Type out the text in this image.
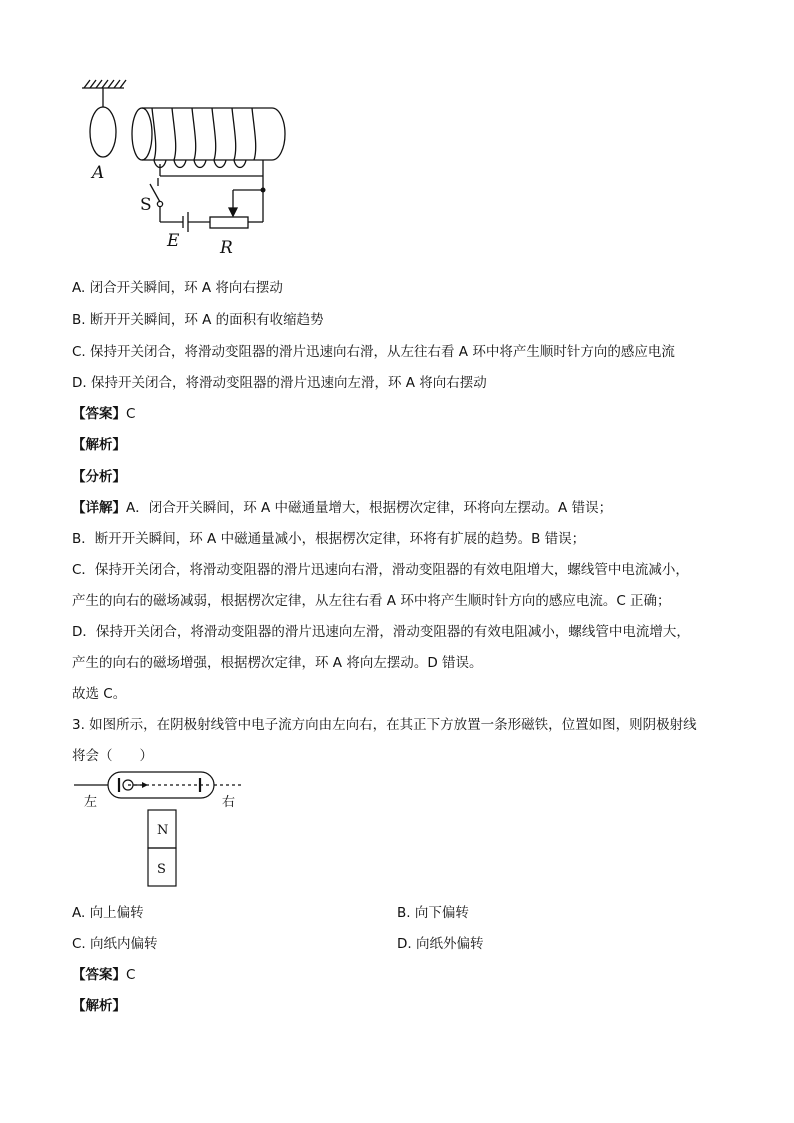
A
S
E R
A. 闭合开关瞬间，环 A 将向右摆动
B. 断开开关瞬间，环 A 的面积有收缩趋势
C. 保持开关闭合，将滑动变阻器的滑片迅速向右滑，从左往右看 A 环中将产生顺时针方向的感应电流
D. 保持开关闭合，将滑动变阻器的滑片迅速向左滑，环 A 将向右摆动
【答案】C
【解析】
【分析】
【详解】A．闭合开关瞬间，环 A 中磁通量增大，根据楞次定律，环将向左摆动。A 错误；
B．断开开关瞬间，环 A 中磁通量减小，根据楞次定律，环将有扩展的趋势。B 错误；
C．保持开关闭合，将滑动变阻器的滑片迅速向右滑，滑动变阻器的有效电阻增大，螺线管中电流减小，
产生的向右的磁场减弱，根据楞次定律，从左往右看 A 环中将产生顺时针方向的感应电流。C 正确；
D．保持开关闭合，将滑动变阻器的滑片迅速向左滑，滑动变阻器的有效电阻减小，螺线管中电流增大，
产生的向右的磁场增强，根据楞次定律，环 A 将向左摆动。D 错误。
故选 C。
3. 如图所示，在阴极射线管中电子流方向由左向右，在其正下方放置一条形磁铁，位置如图，则阴极射线
将会（　　）
左	右
N
S
A. 向上偏转	B. 向下偏转
C. 向纸内偏转	D. 向纸外偏转
【答案】C
【解析】
